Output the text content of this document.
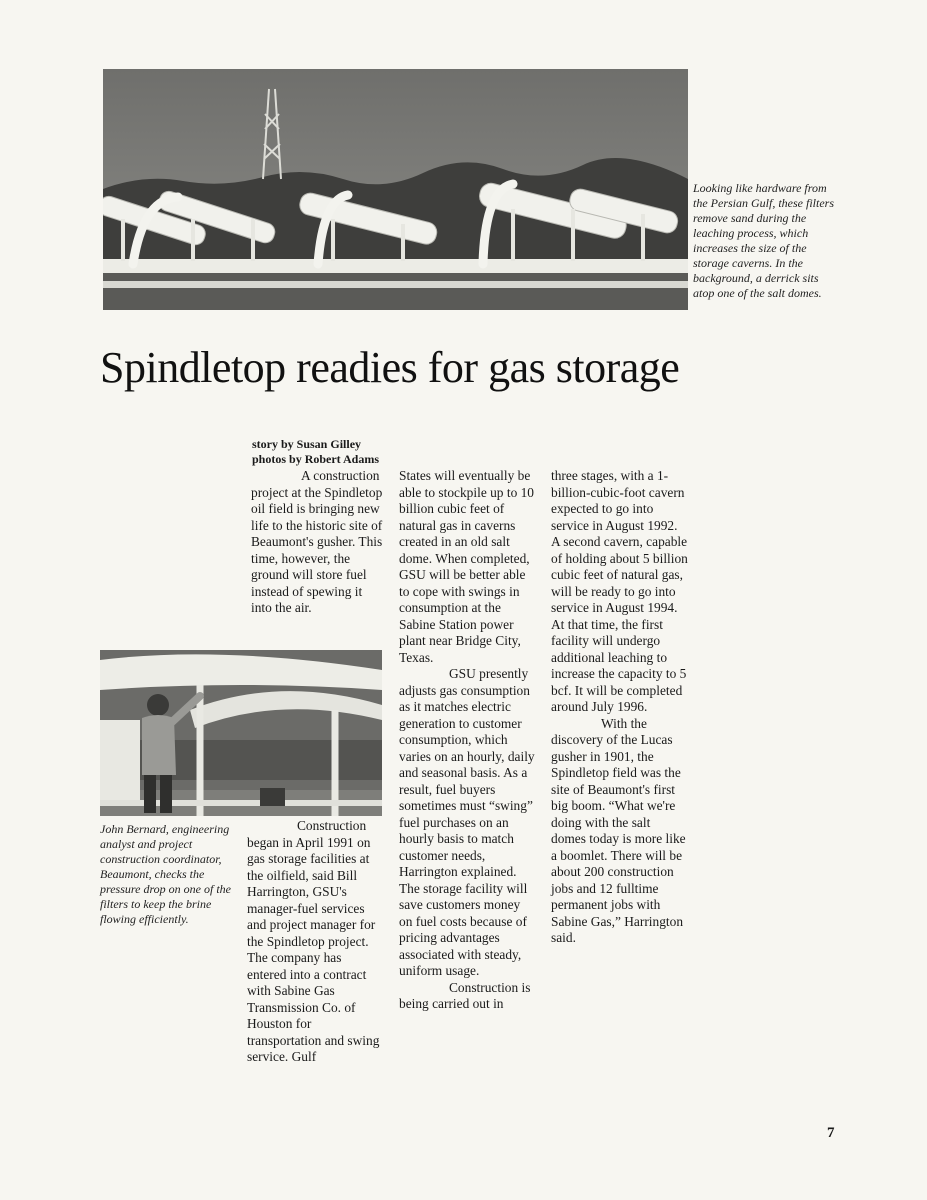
Looking like hardware from the Persian Gulf, these filters remove sand during the leaching process, which increases the size of the storage caverns. In the background, a derrick sits atop one of the salt domes.
Spindletop readies for gas storage
story by Susan Gilley
photos by Robert Adams

A construction project at the Spindletop oil field is bringing new life to the historic site of Beaumont's gusher. This time, however, the ground will store fuel instead of spewing it into the air.

John Bernard, engineering analyst and project construction coordinator, Beaumont, checks the pressure drop on one of the filters to keep the brine flowing efficiently.

Construction began in April 1991 on gas storage facilities at the oilfield, said Bill Harrington, GSU's manager-fuel services and project manager for the Spindletop project. The company has entered into a contract with Sabine Gas Transmission Co. of Houston for transportation and swing service. Gulf

States will eventually be able to stockpile up to 10 billion cubic feet of natural gas in caverns created in an old salt dome. When completed, GSU will be better able to cope with swings in consumption at the Sabine Station power plant near Bridge City, Texas.

GSU presently adjusts gas consumption as it matches electric generation to customer consumption, which varies on an hourly, daily and seasonal basis. As a result, fuel buyers sometimes must “swing” fuel purchases on an hourly basis to match customer needs, Harrington explained. The storage facility will save customers money on fuel costs because of pricing advantages associated with steady, uniform usage.

Construction is being carried out in

three stages, with a 1-billion-cubic-foot cavern expected to go into service in August 1992. A second cavern, capable of holding about 5 billion cubic feet of natural gas, will be ready to go into service in August 1994. At that time, the first facility will undergo additional leaching to increase the capacity to 5 bcf. It will be completed around July 1996.

With the discovery of the Lucas gusher in 1901, the Spindletop field was the site of Beaumont's first big boom. “What we're doing with the salt domes today is more like a boomlet. There will be about 200 construction jobs and 12 fulltime permanent jobs with Sabine Gas,” Harrington said.

7
